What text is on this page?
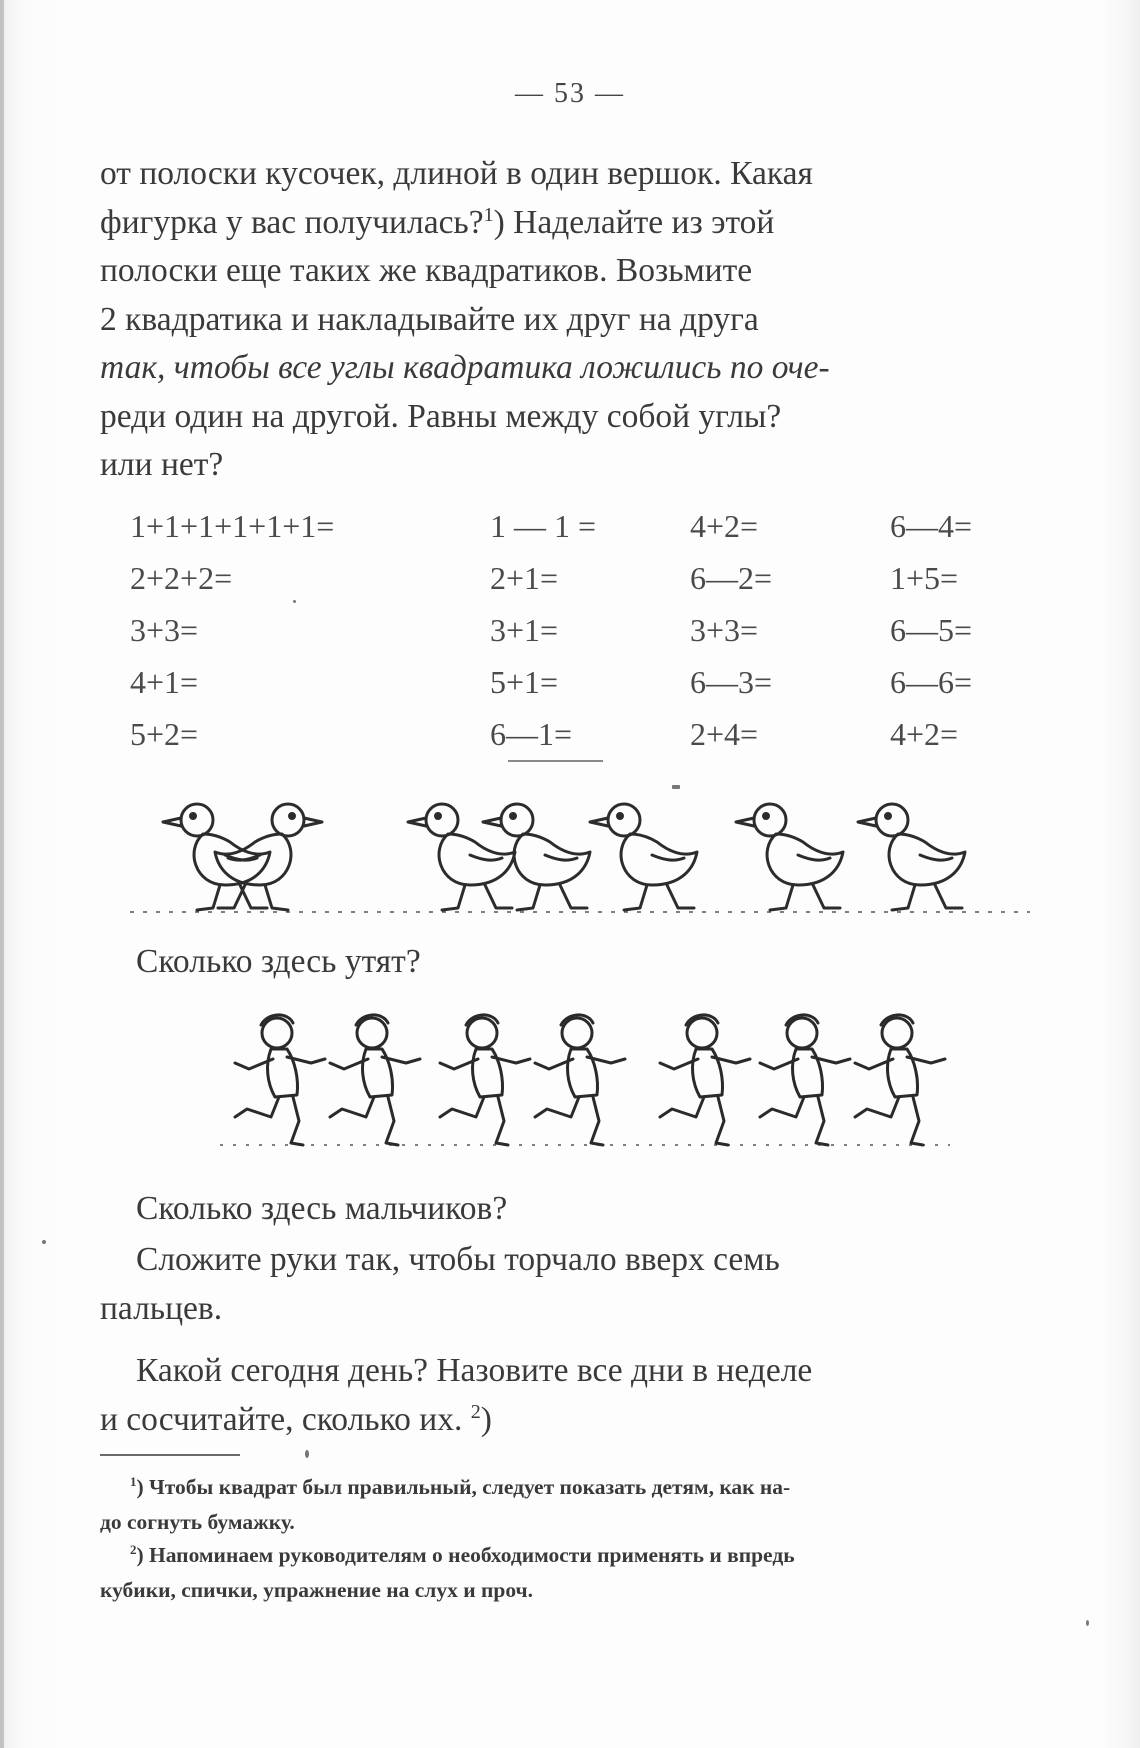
— 53 —

от полоски кусочек, длиной в один вершок. Какая

фигурка у вас получилась?$^1$) Наделайте из этой

полоски еще таких же квадратиков. Возьмите

2 квадратика и накладывайте их друг на друга

так, чтобы все углы квадратика ложились по оче-

реди один на другой. Равны между собой углы?

или нет?

1+1+1+1+1+1=	1 — 1 =	4+2=	6—4=
2+2+2=	2+1=	6—2=	1+5=
3+3=	3+1=	3+3=	6—5=
4+1=	5+1=	6—3=	6—6=
5+2=	6—1=	2+4=	4+2=
Сколько здесь утят?
Сколько здесь мальчиков?

Сложите руки так, чтобы торчало вверх семь

пальцев.

Какой сегодня день? Назовите все дни в неделе

и сосчитайте, сколько их. $^2$)

$^1$) Чтобы квадрат был правильный, следует показать детям, как на-

до согнуть бумажку.

$^2$) Напоминаем руководителям о необходимости применять и впредь

кубики, спички, упражнение на слух и проч.
